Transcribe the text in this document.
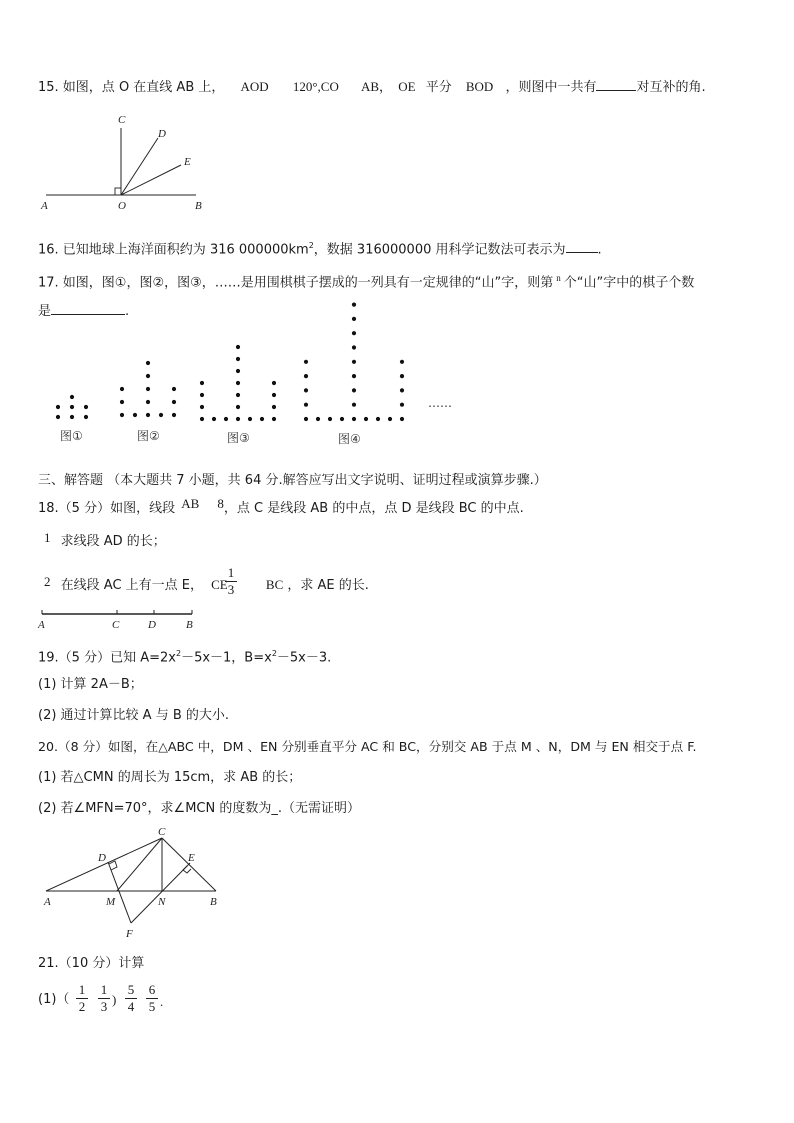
15. 如图，点 O 在直线 AB 上， AOD 120°,CO AB， OE 平分 BOD ，则图中一共有	对互补的角.
C
D
E
A	O	B
16. 已知地球上海洋面积约为 316 $000000km^2$，数据 316000000 用科学记数法可表示为 .
17. 如图，图①，图②，图③，……是用围棋棋子摆成的一列具有一定规律的“山”字，则第 $^n$ 个“山”字中的棋子个数
是	.
图①	图②	图③	图④
……
三、解答题 （本大题共 7 小题，共 64 分.解答应写出文字说明、证明过程或演算步骤.）
18.（5 分）如图，线段 AB 8，点 C 是线段 AB 的中点，点 D 是线段 BC 的中点.
1 求线段 AD 的长；
2 在线段 AC 上有一点 E， CE	BC ，求 AE 的长.
$\frac{1}{3}$
A	C	D	B
19.（5 分）已知 $A=2x^2-5x-1$，$B=x^2-5x-3$.
(1) 计算 2A－B；
(2) 通过计算比较 A 与 B 的大小.
20.（8 分）如图，在△ABC 中，DM 、EN 分别垂直平分 AC 和 BC，分别交 AB 于点 M 、N，DM 与 EN 相交于点 F.
(1) 若△CMN 的周长为 15cm，求 AB 的长；
(2) 若∠MFN=70°，求∠MCN 的度数为_.（无需证明）
C
D	E
A	M	N	B
F
21.（10 分）计算
$(1)( \frac{1}{2} \frac{1}{3}$ ) $\frac{5}{4} \frac{6}{5}$ .
